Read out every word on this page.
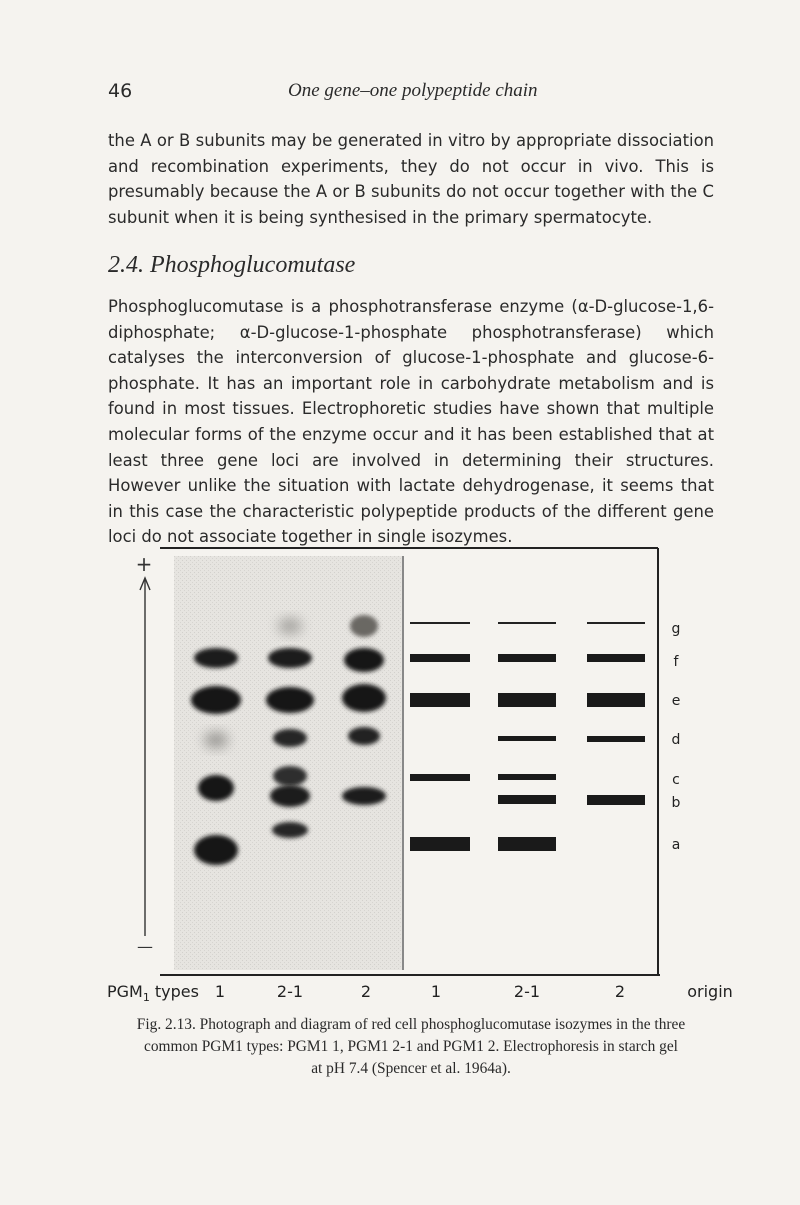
46	One gene–one polypeptide chain

the A or B subunits may be generated in vitro by appropriate dissociation and recombination experiments, they do not occur in vivo. This is presumably because the A or B subunits do not occur together with the C subunit when it is being synthesised in the primary spermatocyte.

2.4. Phosphoglucomutase

Phosphoglucomutase is a phosphotransferase enzyme (α-D-glucose-1,6-diphosphate; α-D-glucose-1-phosphate phosphotransferase) which catalyses the interconversion of glucose-1-phosphate and glucose-6-phosphate. It has an important role in carbohydrate metabolism and is found in most tissues. Electrophoretic studies have shown that multiple molecular forms of the enzyme occur and it has been established that at least three gene loci are involved in determining their structures. However unlike the situation with lactate dehydrogenase, it seems that in this case the characteristic polypeptide products of the different gene loci do not associate together in single isozymes.

+
—
g
f
e
d
c
b
a
$PGM_1$ types 1	2-1	2	1	2-1	2	origin
Fig. 2.13. Photograph and diagram of red cell phosphoglucomutase isozymes in the three
common PGM1 types: PGM1 1, PGM1 2-1 and PGM1 2. Electrophoresis in starch gel
at pH 7.4 (Spencer et al. 1964a).
